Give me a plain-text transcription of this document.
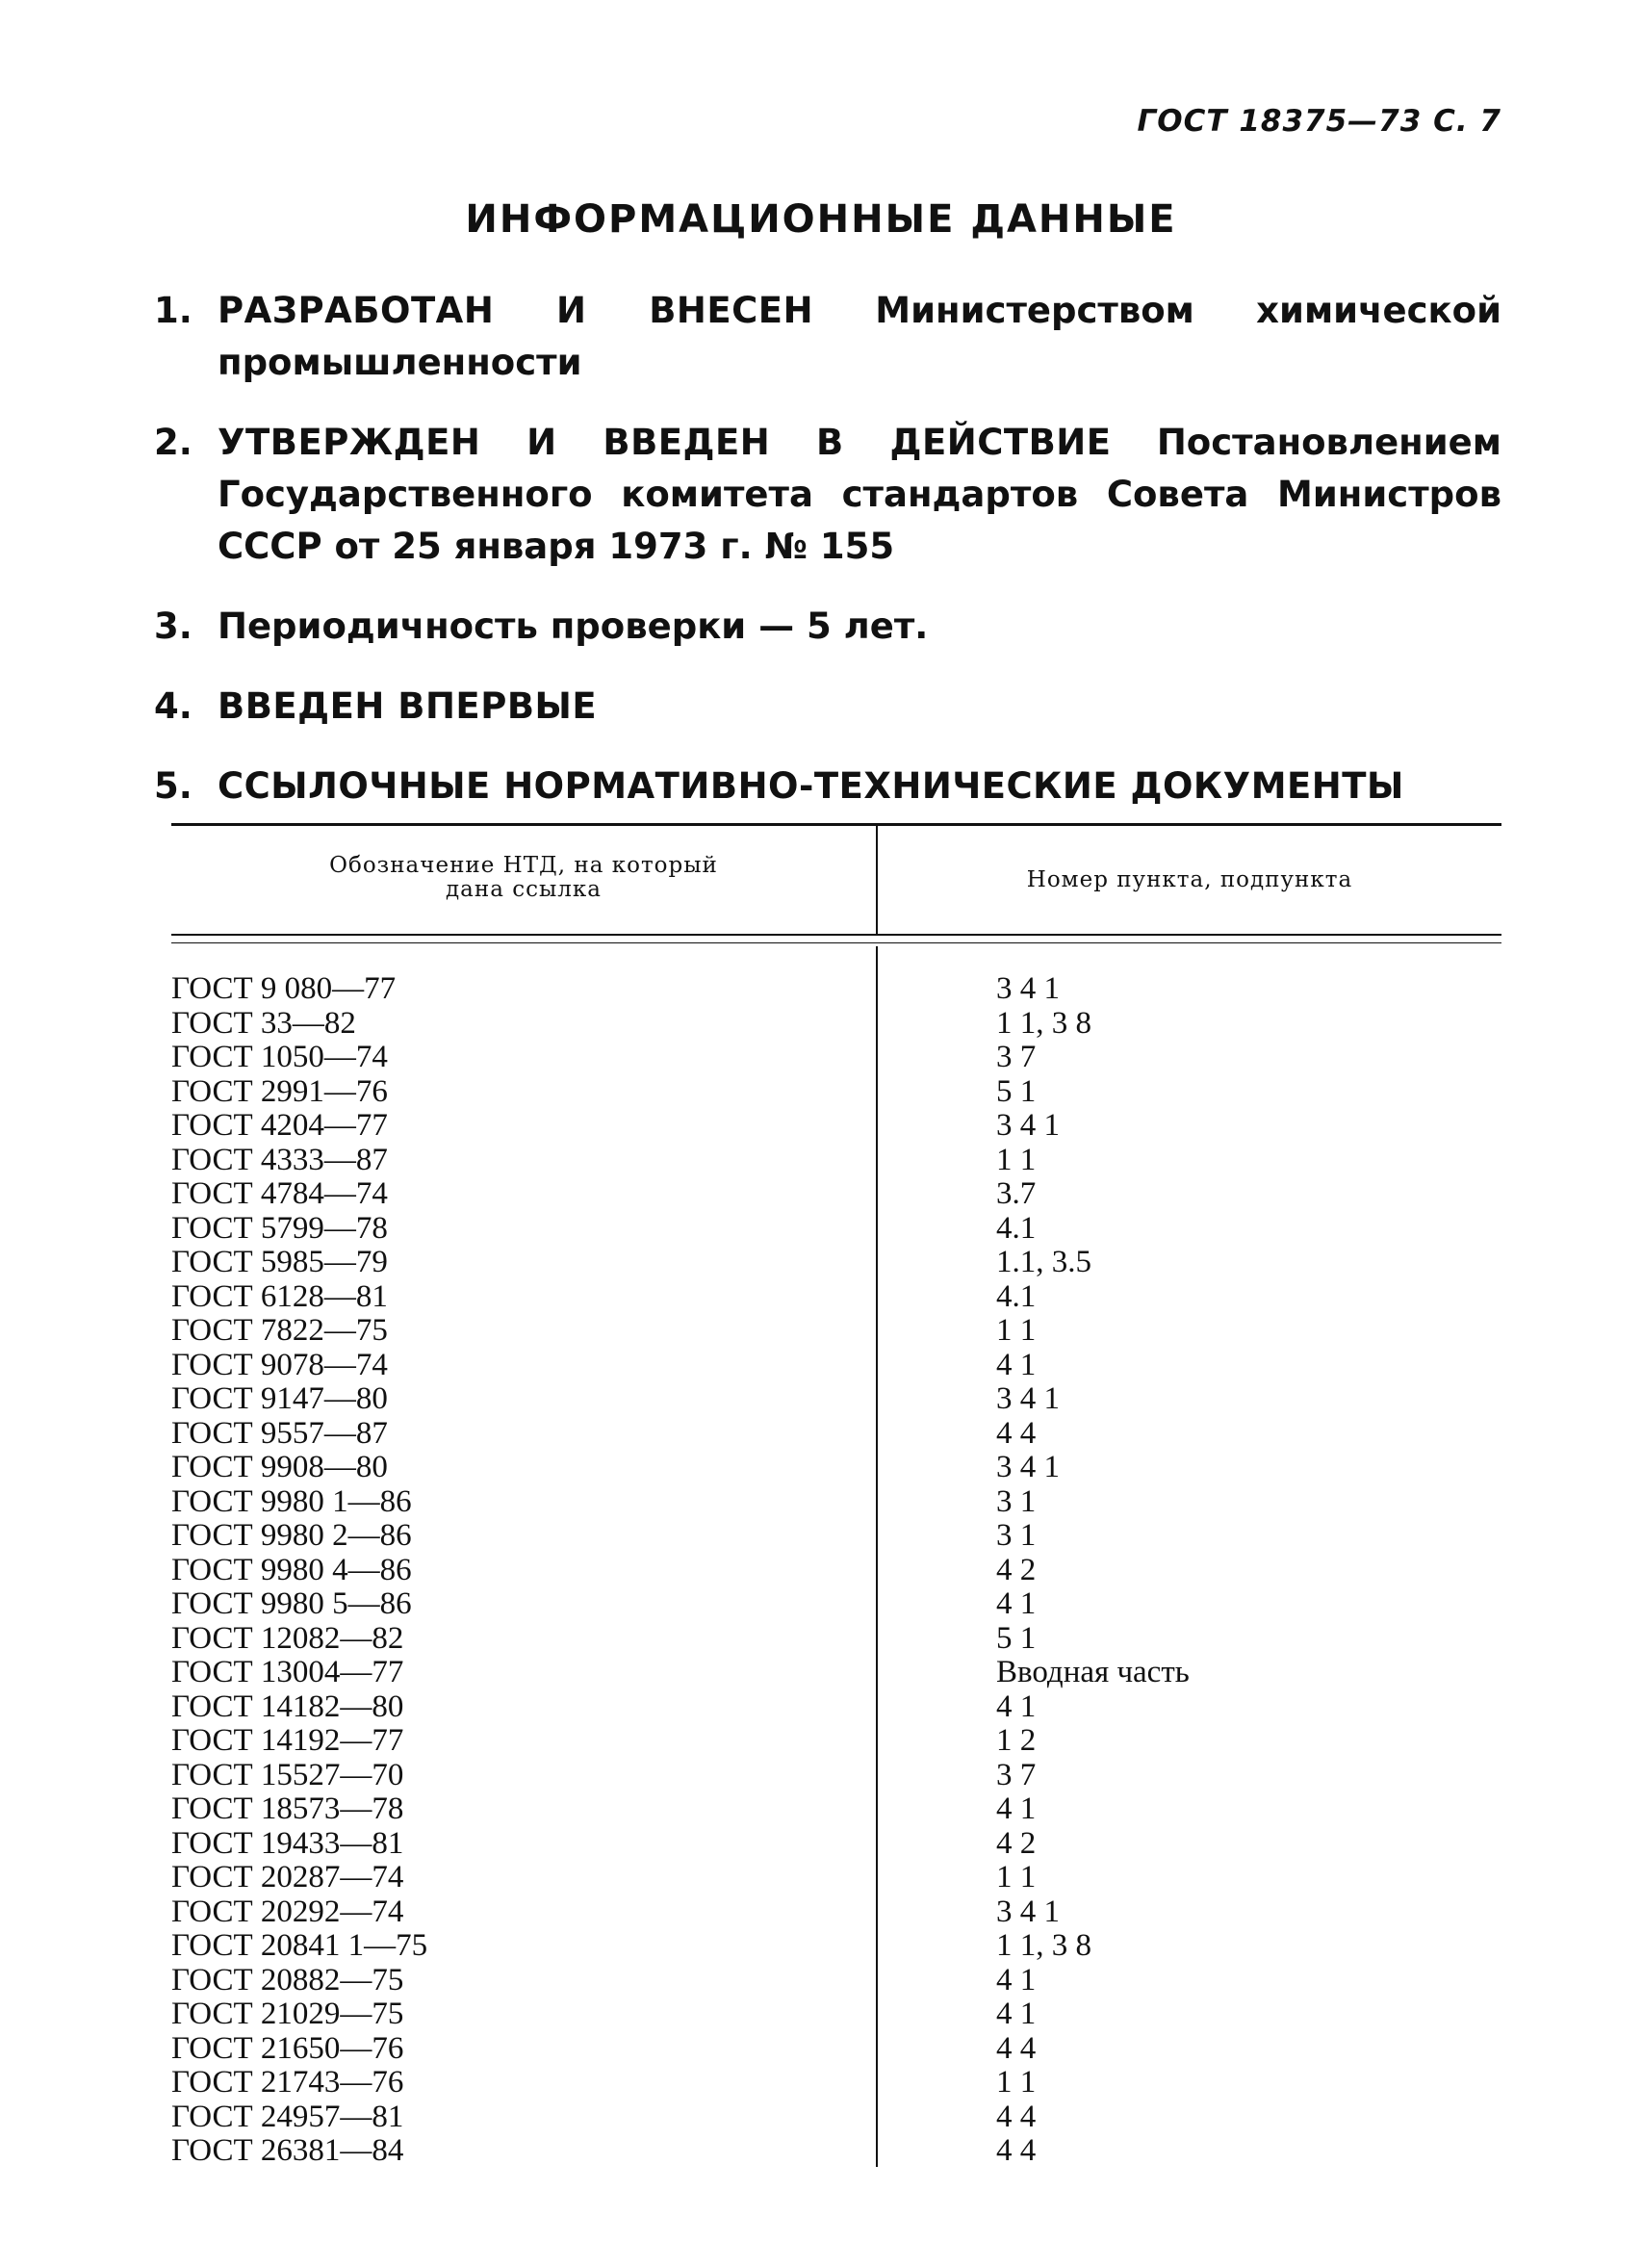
ГОСТ 18375—73 С. 7
ИНФОРМАЦИОННЫЕ ДАННЫЕ
1. РАЗРАБОТАН И ВНЕСЕН Министерством химической промышленности
2. УТВЕРЖДЕН И ВВЕДЕН В ДЕЙСТВИЕ Постановлением Государственного комитета стандартов Совета Министров СССР от 25 января 1973 г. № 155
3. Периодичность проверки — 5 лет.
4. ВВЕДЕН ВПЕРВЫЕ
5. ССЫЛОЧНЫЕ НОРМАТИВНО-ТЕХНИЧЕСКИЕ ДОКУМЕНТЫ
Обозначение НТД, на который
дана ссылка	Номер пункта, подпункта
ГОСТ 9 080—77	3 4 1
ГОСТ 33—82	1 1, 3 8
ГОСТ 1050—74	3 7
ГОСТ 2991—76	5 1
ГОСТ 4204—77	3 4 1
ГОСТ 4333—87	1 1
ГОСТ 4784—74	3.7
ГОСТ 5799—78	4.1
ГОСТ 5985—79	1.1, 3.5
ГОСТ 6128—81	4.1
ГОСТ 7822—75	1 1
ГОСТ 9078—74	4 1
ГОСТ 9147—80	3 4 1
ГОСТ 9557—87	4 4
ГОСТ 9908—80	3 4 1
ГОСТ 9980 1—86	3 1
ГОСТ 9980 2—86	3 1
ГОСТ 9980 4—86	4 2
ГОСТ 9980 5—86	4 1
ГОСТ 12082—82	5 1
ГОСТ 13004—77	Вводная часть
ГОСТ 14182—80	4 1
ГОСТ 14192—77	1 2
ГОСТ 15527—70	3 7
ГОСТ 18573—78	4 1
ГОСТ 19433—81	4 2
ГОСТ 20287—74	1 1
ГОСТ 20292—74	3 4 1
ГОСТ 20841 1—75	1 1, 3 8
ГОСТ 20882—75	4 1
ГОСТ 21029—75	4 1
ГОСТ 21650—76	4 4
ГОСТ 21743—76	1 1
ГОСТ 24957—81	4 4
ГОСТ 26381—84	4 4
